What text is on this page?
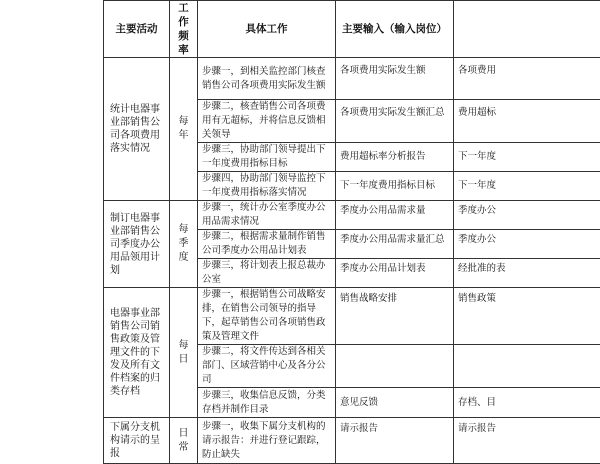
主要活动	工作频率	具体工作	主要输入（输入岗位）	
统计电器事业部销售公司各项费用落实情况	每年	步骤一，到相关监控部门核查销售公司各项费用实际发生额	各项费用实际发生额	各项费用
		步骤二，核查销售公司各项费用有无超标，并将信息反馈相关领导	各项费用实际发生额汇总	费用超标
		步骤三，协助部门领导提出下一年度费用指标目标	费用超标率分析报告	下一年度
		步骤四，协助部门领导监控下一年度费用指标落实情况	下一年度费用指标目标	下一年度
制订电器事业部销售公司季度办公用品领用计划	每 季 度	步骤一，统计办公室季度办公用品需求情况	季度办公用品需求量	季度办公
		步骤二，根据需求量制作销售公司季度办公用品计划表	季度办公用品需求量汇总	季度办公
		步骤三，将计划表上报总裁办公室	季度办公用品计划表	经批准的表
电器事业部销售公司销售政策及管理文件的下发及所有文件档案的归类存档	每日	步骤一，根据销售公司战略安排，在销售公司领导的指导下，起草销售公司各项销售政策及管理文件	销售战略安排	销售政策
		步骤二，将文件传达到各相关部门、区域营销中心及各分公司		
		步骤三，收集信息反馈，分类存档并制作目录	意见反馈	存档、目
下属分支机构请示的呈报	日常	步骤一，收集下属分支机构的请示报告：并进行登记跟踪，防止缺失	请示报告	请示报告
